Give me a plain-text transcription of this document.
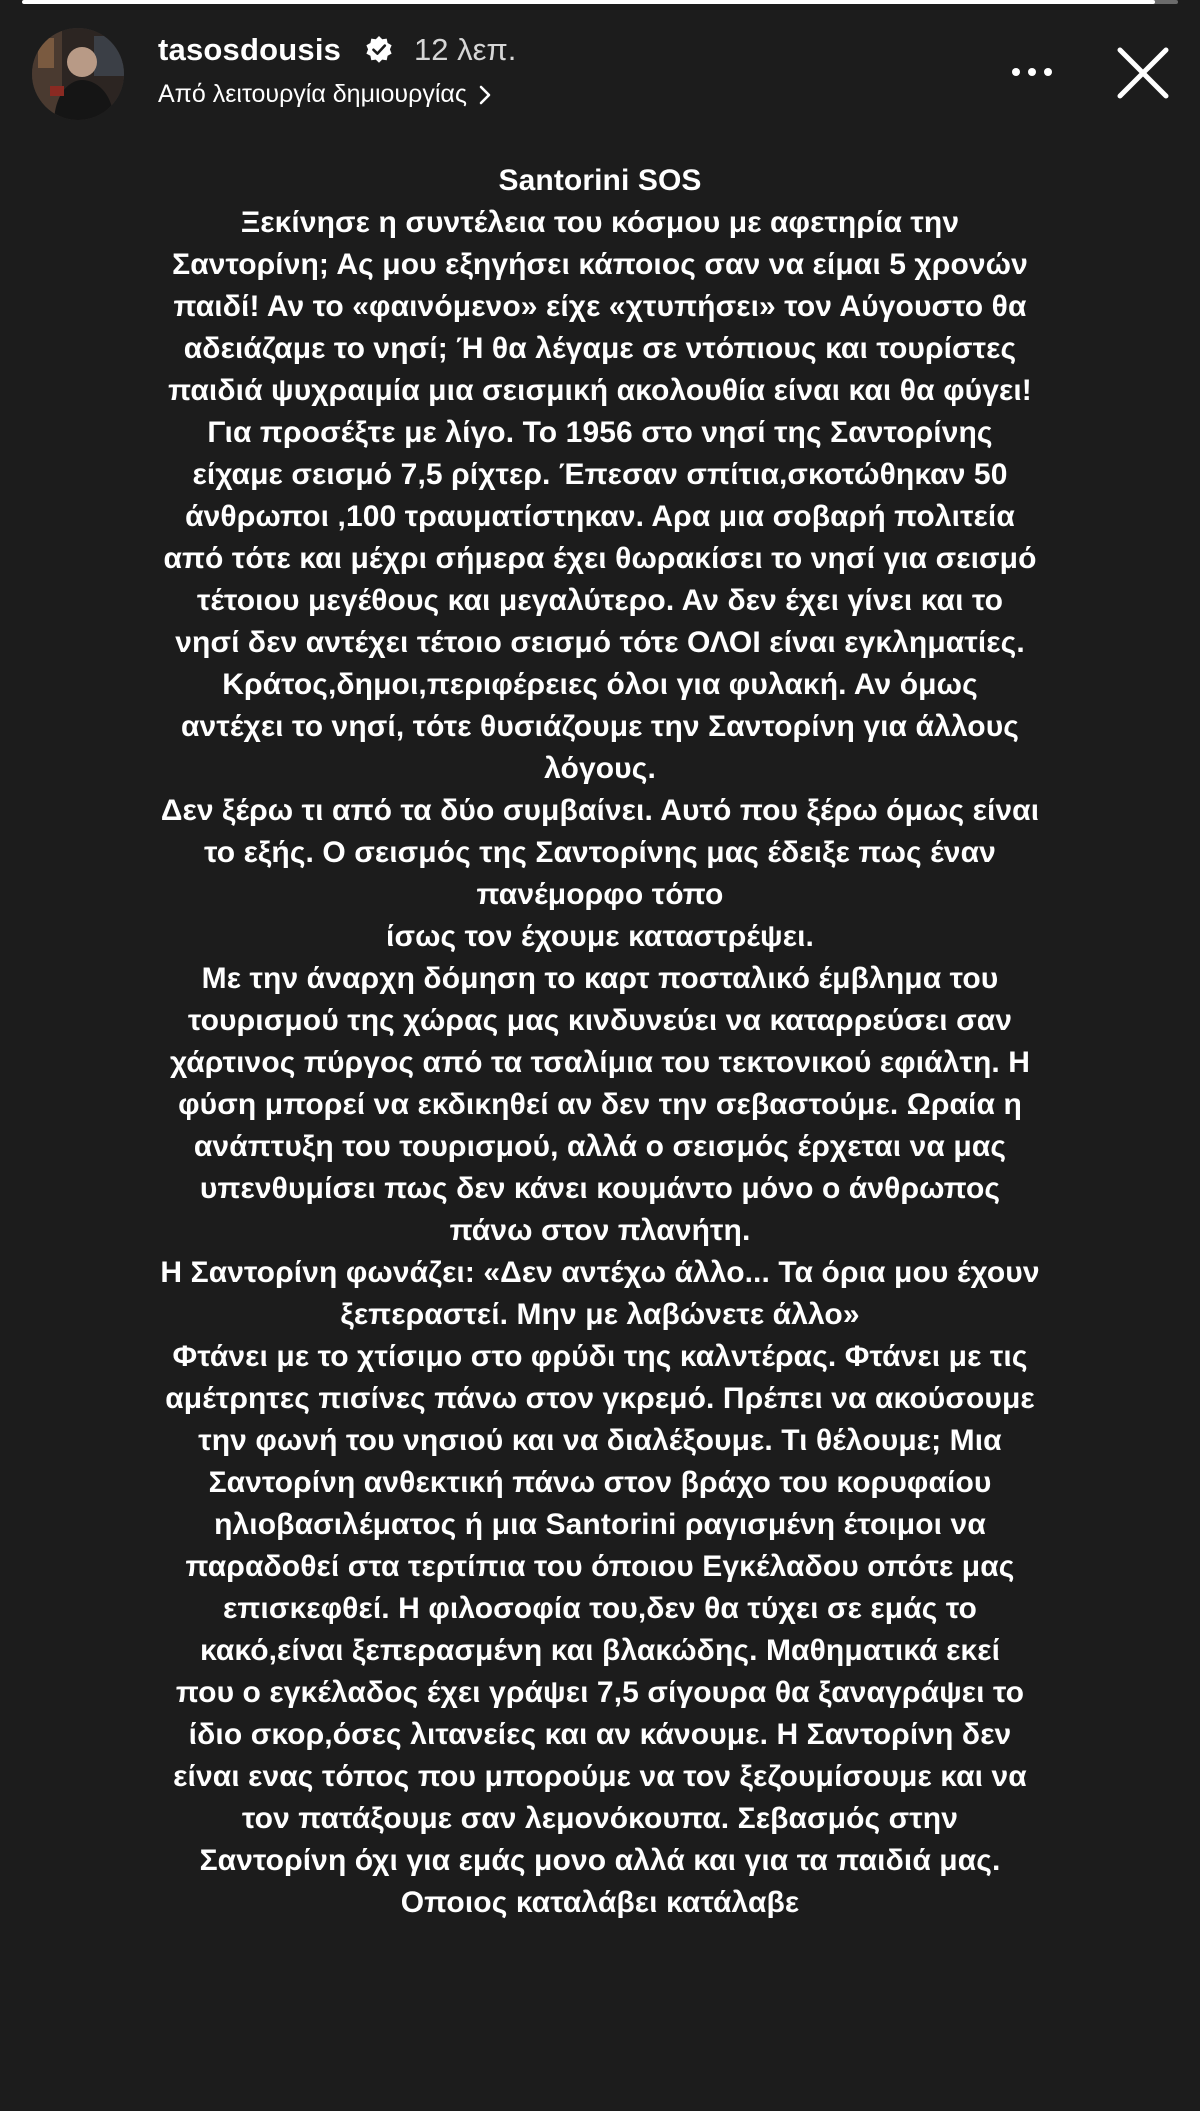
tasosdousis 12 λεπ.
Από λειτουργία δημιουργίας
Santorini SOS
Ξεκίνησε η συντέλεια του κόσμου με αφετηρία την
Σαντορίνη; Ας μου εξηγήσει κάποιος σαν να είμαι 5 χρονών
παιδί! Αν το «φαινόμενο» είχε «χτυπήσει» τον Αύγουστο θα
αδειάζαμε το νησί; Ή θα λέγαμε σε ντόπιους και τουρίστες
παιδιά ψυχραιμία μια σεισμική ακολουθία είναι και θα φύγει!
Για προσέξτε με λίγο. Το 1956 στο νησί της Σαντορίνης
είχαμε σεισμό 7,5 ρίχτερ. Έπεσαν σπίτια,σκοτώθηκαν 50
άνθρωποι ,100 τραυματίστηκαν. Αρα μια σοβαρή πολιτεία
από τότε και μέχρι σήμερα έχει θωρακίσει το νησί για σεισμό
τέτοιου μεγέθους και μεγαλύτερο. Αν δεν έχει γίνει και το
νησί δεν αντέχει τέτοιο σεισμό τότε ΟΛΟΙ είναι εγκληματίες.
Κράτος,δημοι,περιφέρειες όλοι για φυλακή. Αν όμως
αντέχει το νησί, τότε θυσιάζουμε την Σαντορίνη για άλλους
λόγους.
Δεν ξέρω τι από τα δύο συμβαίνει. Αυτό που ξέρω όμως είναι
το εξής. Ο σεισμός της Σαντορίνης μας έδειξε πως έναν
πανέμορφο τόπο
ίσως τον έχουμε καταστρέψει.
Με την άναρχη δόμηση το καρτ ποσταλικό έμβλημα του
τουρισμού της χώρας μας κινδυνεύει να καταρρεύσει σαν
χάρτινος πύργος από τα τσαλίμια του τεκτονικού εφιάλτη. Η
φύση μπορεί να εκδικηθεί αν δεν την σεβαστούμε. Ωραία η
ανάπτυξη του τουρισμού, αλλά ο σεισμός έρχεται να μας
υπενθυμίσει πως δεν κάνει κουμάντο μόνο ο άνθρωπος
πάνω στον πλανήτη.
Η Σαντορίνη φωνάζει: «Δεν αντέχω άλλο... Τα όρια μου έχουν
ξεπεραστεί. Μην με λαβώνετε άλλο»
Φτάνει με το χτίσιμο στο φρύδι της καλντέρας. Φτάνει με τις
αμέτρητες πισίνες πάνω στον γκρεμό. Πρέπει να ακούσουμε
την φωνή του νησιού και να διαλέξουμε. Τι θέλουμε; Μια
Σαντορίνη ανθεκτική πάνω στον βράχο του κορυφαίου
ηλιοβασιλέματος ή μια Santorini ραγισμένη έτοιμοι να
παραδοθεί στα τερτίπια του όποιου Εγκέλαδου οπότε μας
επισκεφθεί. Η φιλοσοφία του,δεν θα τύχει σε εμάς το
κακό,είναι ξεπερασμένη και βλακώδης. Μαθηματικά εκεί
που ο εγκέλαδος έχει γράψει 7,5 σίγουρα θα ξαναγράψει το
ίδιο σκορ,όσες λιτανείες και αν κάνουμε. Η Σαντορίνη δεν
είναι ενας τόπος που μπορούμε να τον ξεζουμίσουμε και να
τον πατάξουμε σαν λεμονόκουπα. Σεβασμός στην
Σαντορίνη όχι για εμάς μονο αλλά και για τα παιδιά μας.
Οποιος καταλάβει κατάλαβε
